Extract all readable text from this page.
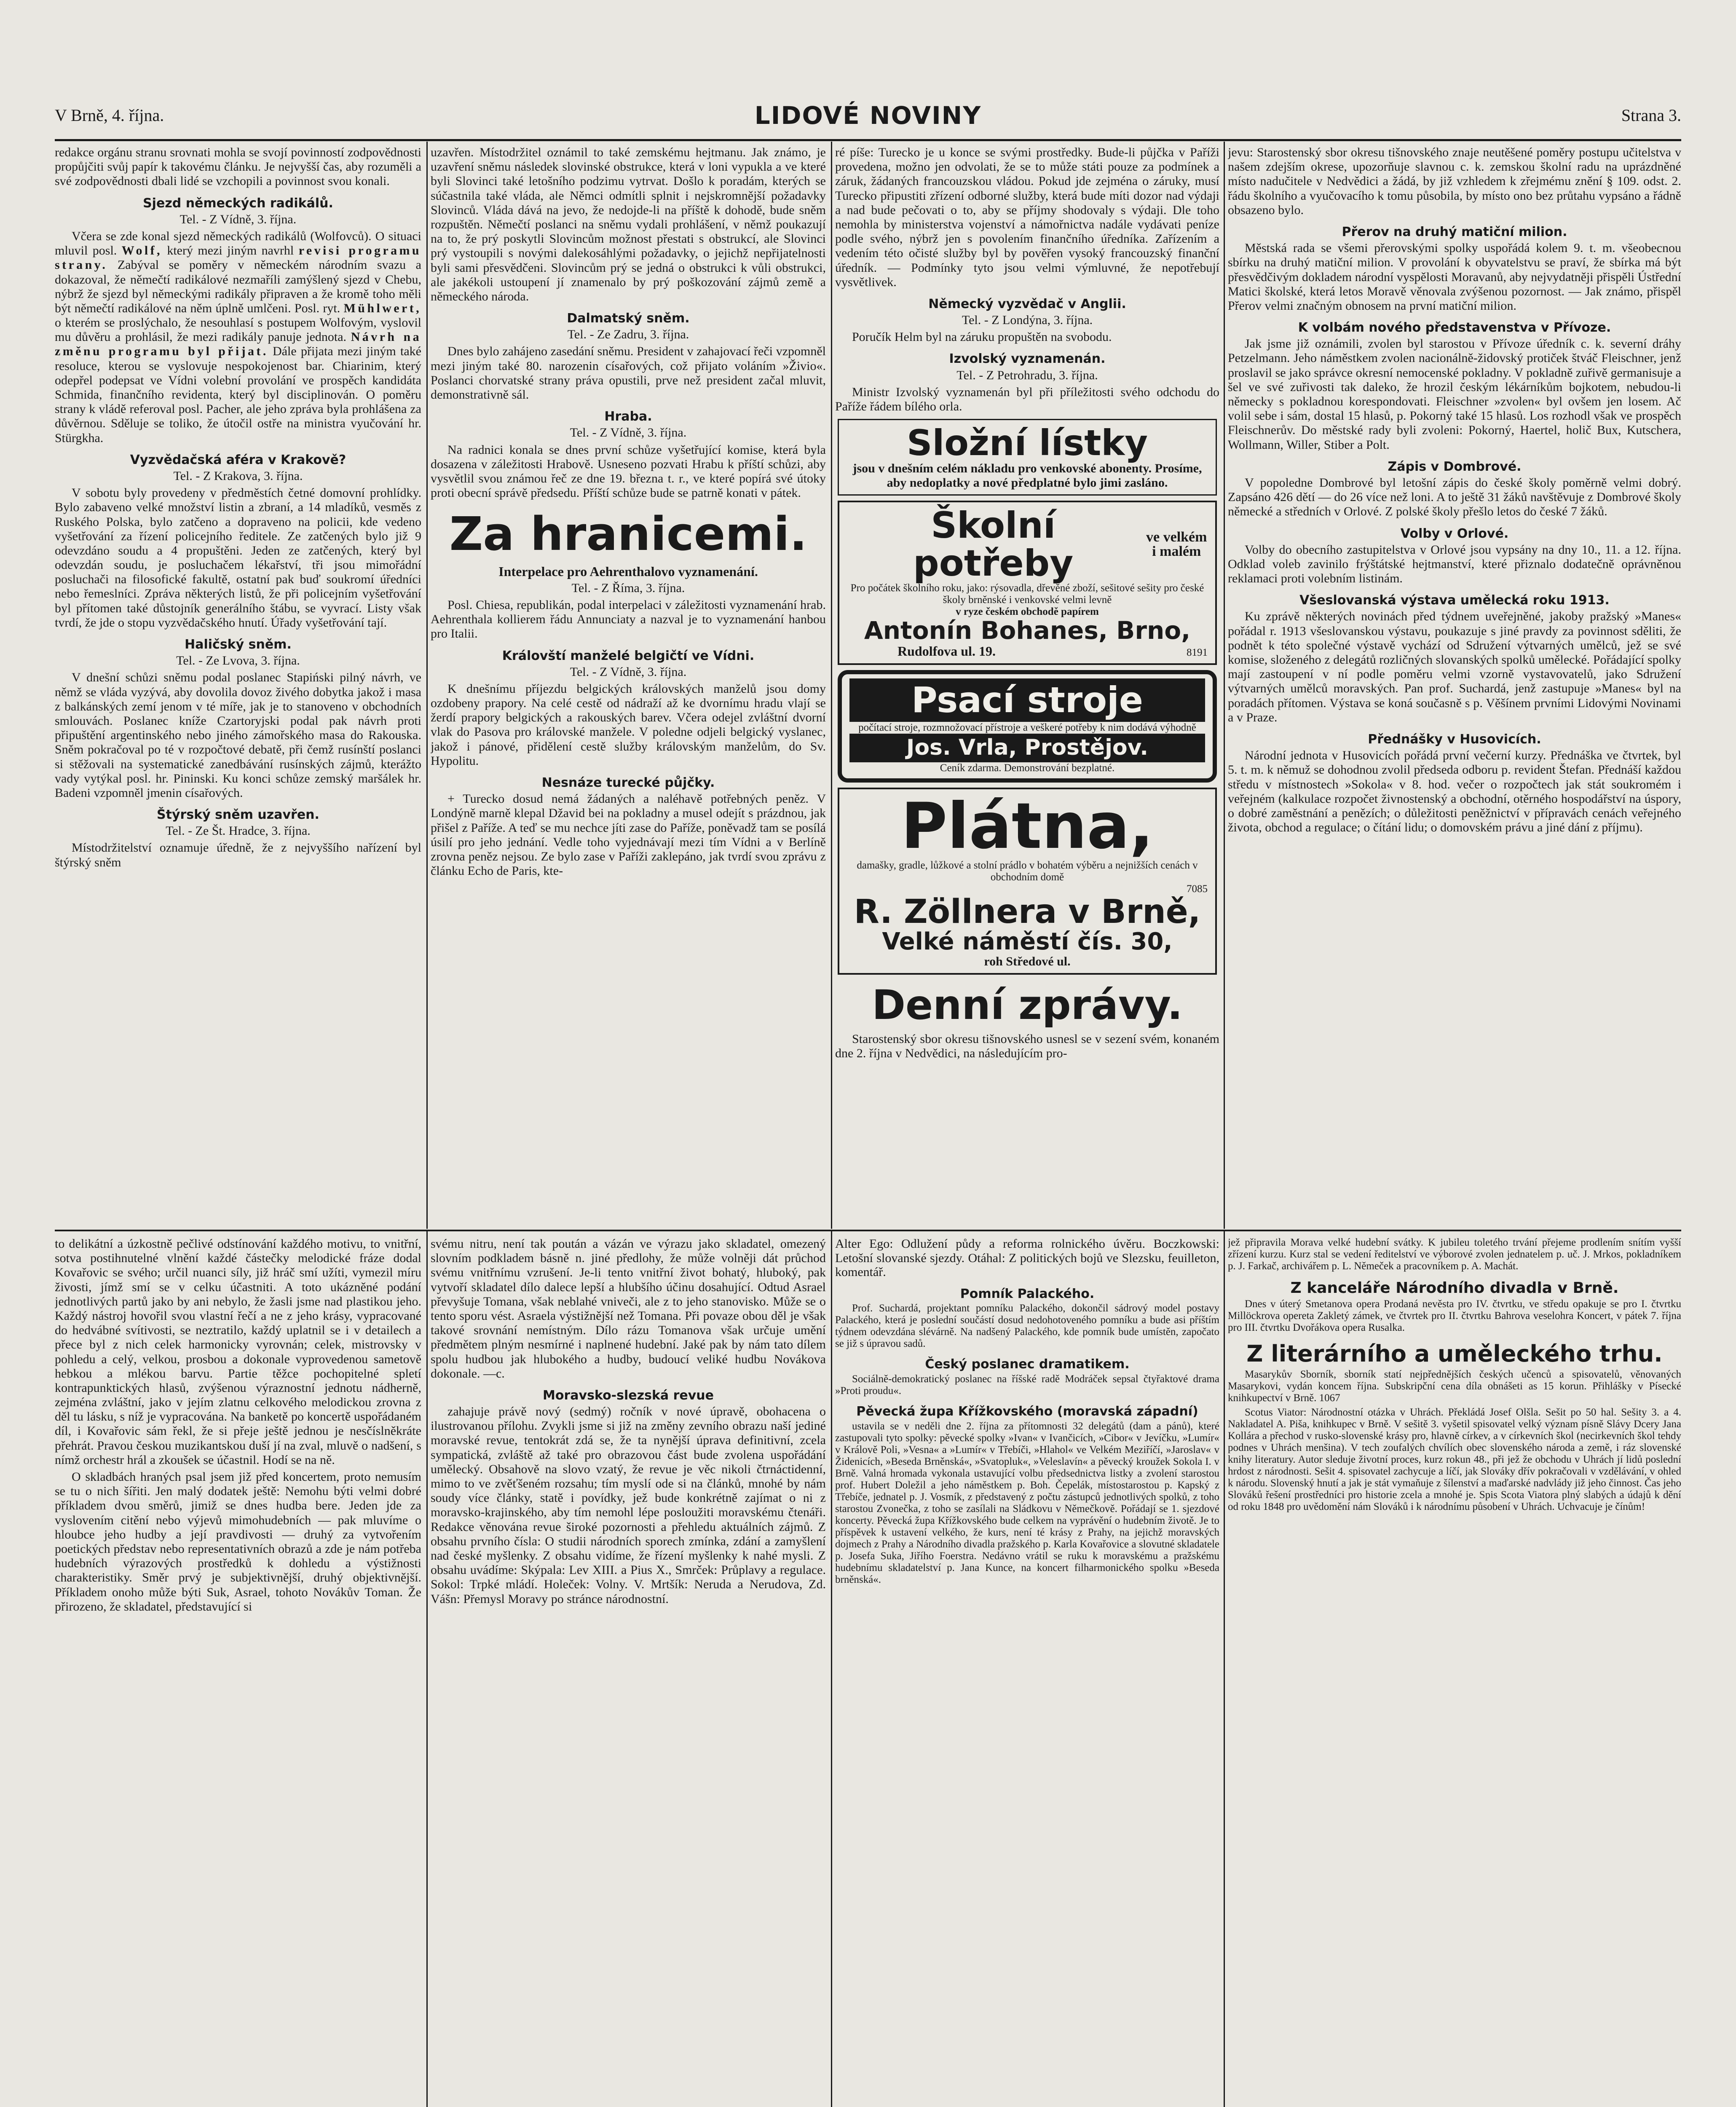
V Brně, 4. října.	LIDOVÉ NOVINY	Strana 3.

redakce orgánu stranu srovnati mohla se svojí povinností zodpovědnosti propůjčiti svůj papír k takovému článku. Je nejvyšší čas, aby rozuměli a své zodpovědnosti dbali lidé se vzchopili a povinnost svou konali.

Sjezd německých radikálů.
Tel. - Z Vídně, 3. října.

Včera se zde konal sjezd německých radikálů (Wolfovců). O situaci mluvil posl. Wolf, který mezi jiným navrhl revisi programu strany. Zabýval se poměry v německém národním svazu a dokazoval, že němečtí radikálové nezmaříli zamýšlený sjezd v Chebu, nýbrž že sjezd byl německými radikály připraven a že kromě toho měli být němečtí radikálové na něm úplně umlčeni. Posl. ryt. Mühlwert, o kterém se proslýchalo, že nesouhlasí s postupem Wolfovým, vyslovil mu důvěru a prohlásil, že mezi radikály panuje jednota. Návrh na změnu programu byl přijat. Dále přijata mezi jiným také resoluce, kterou se vyslovuje nespokojenost bar. Chiarinim, který odepřel podepsat ve Vídni volební provolání ve prospěch kandidáta Schmida, finančního revidenta, který byl disciplinován. O poměru strany k vládě referoval posl. Pacher, ale jeho zpráva byla prohlášena za důvěrnou. Sděluje se toliko, že útočil ostře na ministra vyučování hr. Stürgkha.

Vyzvědačská aféra v Krakově?
Tel. - Z Krakova, 3. října.

V sobotu byly provedeny v předměstích četné domovní prohlídky. Bylo zabaveno velké množství listin a zbraní, a 14 mladíků, vesměs z Ruského Polska, bylo zatčeno a dopraveno na policii, kde vedeno vyšetřování za řízení policejního ředitele. Ze zatčených bylo již 9 odevzdáno soudu a 4 propuštěni. Jeden ze zatčených, který byl odevzdán soudu, je posluchačem lékařství, tři jsou mimořádní posluchači na filosofické fakultě, ostatní pak buď soukromí úředníci nebo řemeslníci. Zpráva některých listů, že při policejním vyšetřování byl přítomen také důstojník generálního štábu, se vyvrací. Listy však tvrdí, že jde o stopu vyzvědačského hnutí. Úřady vyšetřování tají.

Haličský sněm.
Tel. - Ze Lvova, 3. října.

V dnešní schůzi sněmu podal poslanec Stapiński pilný návrh, ve němž se vláda vyzývá, aby dovolila dovoz živého dobytka jakož i masa z balkánských zemí jenom v té míře, jak je to stanoveno v obchodních smlouvách. Poslanec kníže Czartoryjski podal pak návrh proti připuštění argentinského nebo jiného zámořského masa do Rakouska. Sněm pokračoval po té v rozpočtové debatě, při čemž rusínští poslanci si stěžovali na systematické zanedbávání rusínských zájmů, kterážto vady vytýkal posl. hr. Pininski. Ku konci schůze zemský maršálek hr. Badeni vzpomněl jmenin císařových.

Štýrský sněm uzavřen.
Tel. - Ze Št. Hradce, 3. října.

Místodržitelství oznamuje úředně, že z nejvyššího nařízení byl štýrský sněm

uzavřen. Místodržitel oznámil to také zemskému hejtmanu. Jak známo, je uzavření sněmu následek slovinské obstrukce, která v loni vypukla a ve které byli Slovinci také letošního podzimu vytrvat. Došlo k poradám, kterých se súčastnila také vláda, ale Němci odmítli splnit i nejskromnější požadavky Slovinců. Vláda dává na jevo, že nedojde-li na příště k dohodě, bude sněm rozpuštěn. Němečtí poslanci na sněmu vydali prohlášení, v němž poukazují na to, že prý poskytli Slovincům možnost přestati s obstrukcí, ale Slovinci prý vystoupili s novými dalekosáhlými požadavky, o jejichž nepřijatelnosti byli sami přesvědčeni. Slovincům prý se jedná o obstrukci k vůli obstrukci, ale jakékoli ustoupení jí znamenalo by prý poškozování zájmů země a německého národa.

Dalmatský sněm.
Tel. - Ze Zadru, 3. října.

Dnes bylo zahájeno zasedání sněmu. President v zahajovací řeči vzpomněl mezi jiným také 80. narozenin císařových, což přijato voláním »Živio«. Poslanci chorvatské strany práva opustili, prve než president začal mluvit, demonstrativně sál.

Hraba.
Tel. - Z Vídně, 3. října.

Na radnici konala se dnes první schůze vyšetřující komise, která byla dosazena v záležitosti Hrabově. Usneseno pozvati Hrabu k příští schůzi, aby vysvětlil svou známou řeč ze dne 19. března t. r., ve které popírá své útoky proti obecní správě předsedu. Příští schůze bude se patrně konati v pátek.

Za hranicemi.
Interpelace pro Aehrenthalovo vyznamenání.
Tel. - Z Říma, 3. října.

Posl. Chiesa, republikán, podal interpelaci v záležitosti vyznamenání hrab. Aehrenthala kollierem řádu Annunciaty a nazval je to vyznamenání hanbou pro Italii.

Královští manželé belgičtí ve Vídni.
Tel. - Z Vídně, 3. října.

K dnešnímu příjezdu belgických královských manželů jsou domy ozdobeny prapory. Na celé cestě od nádraží až ke dvornímu hradu vlají se žerdí prapory belgických a rakouských barev. Včera odejel zvláštní dvorní vlak do Pasova pro královské manžele. V poledne odjeli belgický vyslanec, jakož i pánové, přidělení cestě služby královským manželům, do Sv. Hypolitu.

Nesnáze turecké půjčky.

+ Turecko dosud nemá žádaných a naléhavě potřebných peněz. V Londýně marně klepal Džavid bei na pokladny a musel odejít s prázdnou, jak přišel z Paříže. A teď se mu nechce jíti zase do Paříže, poněvadž tam se posílá úsilí pro jeho jednání. Vedle toho vyjednávají mezi tím Vídni a v Berlíně zrovna peněz nejsou. Ze bylo zase v Paříži zaklepáno, jak tvrdí svou zprávu z článku Echo de Paris, kte-

ré píše: Turecko je u konce se svými prostředky. Bude-li půjčka v Paříži provedena, možno jen odvolati, že se to může státi pouze za podmínek a záruk, žádaných francouzskou vládou. Pokud jde zejména o záruky, musí Turecko připustiti zřízení odborné služby, která bude míti dozor nad výdaji a nad bude pečovati o to, aby se příjmy shodovaly s výdaji. Dle toho nemohla by ministerstva vojenství a námořnictva nadále vydávati peníze podle svého, nýbrž jen s povolením finančního úředníka. Zařízením a vedením této očisté služby byl by pověřen vysoký francouzský finanční úředník. — Podmínky tyto jsou velmi výmluvné, že nepotřebují vysvětlivek.

Německý vyzvědač v Anglii.
Tel. - Z Londýna, 3. října.

Poručík Helm byl na záruku propuštěn na svobodu.

Izvolský vyznamenán.
Tel. - Z Petrohradu, 3. října.

Ministr Izvolský vyznamenán byl při příležitosti svého odchodu do Paříže řádem bílého orla.

Složní lístky
jsou v dnešním celém nákladu pro venkovské abonenty. Prosíme, aby nedoplatky a nové předplatné bylo jimi zasláno.
Školní potřeby
ve velkém i malém
Pro počátek školního roku, jako: rýsovadla, dřevěné zboží, sešitové sešity pro české školy brněnské i venkovské velmi levně
v ryze českém obchodě papírem
Antonín Bohanes, Brno,
Rudolfova ul. 19.	8191
Psací stroje
počítací stroje, rozmnožovací přístroje a veškeré potřeby k nim dodává výhodně
Jos. Vrla, Prostějov.
Ceník zdarma. Demonstrování bezplatné.
Plátna,
damašky, gradle, lůžkové a stolní prádlo v bohatém výběru a nejnižších cenách v obchodním domě
7085
R. Zöllnera v Brně,
Velké náměstí čís. 30,
roh Středové ul.
Denní zprávy.

Starostenský sbor okresu tišnovského usnesl se v sezení svém, konaném dne 2. října v Nedvědici, na následujícím pro-

jevu: Starostenský sbor okresu tišnovského znaje neutěšené poměry postupu učitelstva v našem zdejším okrese, upozorňuje slavnou c. k. zemskou školní radu na uprázdněné místo nadučitele v Nedvědici a žádá, by již vzhledem k zřejmému znění § 109. odst. 2. řádu školního a vyučovacího k tomu působila, by místo ono bez průtahu vypsáno a řádně obsazeno bylo.

Přerov na druhý matiční milion.

Městská rada se všemi přerovskými spolky uspořádá kolem 9. t. m. všeobecnou sbírku na druhý matiční milion. V provolání k obyvatelstvu se praví, že sbírka má být přesvědčivým dokladem národní vyspělosti Moravanů, aby nejvydatněji přispěli Ústřední Matici školské, která letos Moravě věnovala zvýšenou pozornost. — Jak známo, přispěl Přerov velmi značným obnosem na první matiční milion.

K volbám nového představenstva v Přívoze.

Jak jsme již oznámili, zvolen byl starostou v Přívoze úředník c. k. severní dráhy Petzelmann. Jeho náměstkem zvolen nacionálně-židovský protiček štváč Fleischner, jenž proslavil se jako správce okresní nemocenské pokladny. V pokladně zuřivě germanisuje a šel ve své zuřivosti tak daleko, že hrozil českým lékárníkům bojkotem, nebudou-li německy s pokladnou korespondovati. Fleischner »zvolen« byl ovšem jen losem. Ač volil sebe i sám, dostal 15 hlasů, p. Pokorný také 15 hlasů. Los rozhodl však ve prospěch Fleischnerův. Do městské rady byli zvoleni: Pokorný, Haertel, holič Bux, Kutschera, Wollmann, Willer, Stiber a Polt.

Zápis v Dombrové.

V popoledne Dombrové byl letošní zápis do české školy poměrně velmi dobrý. Zapsáno 426 dětí — do 26 více než loni. A to ještě 31 žáků navštěvuje z Dombrové školy německé a středních v Orlové. Z polské školy přešlo letos do české 7 žáků.

Volby v Orlové.

Volby do obecního zastupitelstva v Orlové jsou vypsány na dny 10., 11. a 12. října. Odklad voleb zavinilo frýštátské hejtmanství, které přiznalo dodatečně oprávněnou reklamaci proti volebním listinám.

Všeslovanská výstava umělecká roku 1913.

Ku zprávě některých novinách před týdnem uveřejněné, jakoby pražský »Manes« pořádal r. 1913 všeslovanskou výstavu, poukazuje s jiné pravdy za povinnost sděliti, že podnět k této společné výstavě vychází od Sdružení výtvarných umělců, jež se své komise, složeného z delegátů rozličných slovanských spolků umělecké. Pořádající spolky mají zastoupení v ní podle poměru velmi vzorně vystavovatelů, jako Sdružení výtvarných umělců moravských. Pan prof. Suchardá, jenž zastupuje »Manes« byl na poradách přítomen. Výstava se koná současně s p. Věšínem prvními Lidovými Novinami a v Praze.

Přednášky v Husovicích.

Národní jednota v Husovicích pořádá první večerní kurzy. Přednáška ve čtvrtek, byl 5. t. m. k němuž se dohodnou zvolil předseda odboru p. revident Štefan. Přednáší každou středu v místnostech »Sokola« v 8. hod. večer o rozpočtech jak stát soukromém i veřejném (kalkulace rozpočet živnostenský a obchodní, otěrného hospodářství na úspory, o dobré zaměstnání a penězích; o důležitosti peněžnictví v přípravách cenách veřejného života, obchod a regulace; o čítání lidu; o domovském právu a jiné dání z příjmu).

to delikátní a úzkostně pečlivé odstínování každého motivu, to vnitřní, sotva postihnutelné vlnění každé částečky melodické fráze dodal Kovařovic se svého; určil nuanci síly, již hráč smí užíti, vymezil míru živosti, jímž smí se v celku účastniti. A toto ukázněné podání jednotlivých partů jako by ani nebylo, že žasli jsme nad plastikou jeho. Každý nástroj hovořil svou vlastní řečí a ne z jeho krásy, vypracované do hedvábné svítivosti, se neztratilo, každý uplatnil se i v detailech a přece byl z nich celek harmonicky vyrovnán; celek, mistrovsky v pohledu a celý, velkou, prosbou a dokonale vyprovedenou sametově hebkou a mlékou barvu. Partie těžce pochopitelné spletí kontrapunktických hlasů, zvýšenou výraznostní jednotu nádherně, zejména zvláštní, jako v jejím zlatnu celkového melodickou zrovna z děl tu lásku, s níž je vypracována. Na banketě po koncertě uspořádaném díl, i Kovařovic sám řekl, že si přeje ještě jednou je nesčíslněkráte přehrát. Pravou českou muzikantskou duší jí na zval, mluvě o nadšení, s nímž orchestr hrál a zkoušek se účastnil. Hodí se na ně.

O skladbách hraných psal jsem již před koncertem, proto nemusím se tu o nich šířiti. Jen malý dodatek ještě: Nemohu býti velmi dobré příkladem dvou směrů, jimiž se dnes hudba bere. Jeden jde za vyslovením citění nebo výjevů mimohudebních — pak mluvíme o hloubce jeho hudby a její pravdivosti — druhý za vytvořením poetických představ nebo representativních obrazů a zde je nám potřeba hudebních výrazových prostředků k dohledu a výstižnosti charakteristiky. Směr prvý je subjektivnější, druhý objektivnější. Příkladem onoho může býti Suk, Asrael, tohoto Novákův Toman. Že přirozeno, že skladatel, představující si

svému nitru, není tak poután a vázán ve výrazu jako skladatel, omezený slovním podkladem básně n. jiné předlohy, že může volněji dát průchod svému vnitřnímu vzrušení. Je-li tento vnitřní život bohatý, hluboký, pak vytvoří skladatel dílo dalece lepší a hlubšího účinu dosahující. Odtud Asrael převyšuje Tomana, však neblahé vniveči, ale z to jeho stanovisko. Může se o tento sporu vést. Asraela výstižnější než Tomana. Při povaze obou děl je však takové srovnání nemístným. Dílo rázu Tomanova však určuje umění předmětem plným nesmírné i naplnené hudební. Jaké pak by nám tato dílem spolu hudbou jak hlubokého a hudby, budoucí veliké hudbu Novákova dokonale. —c.

Moravsko-slezská revue

zahajuje právě nový (sedmý) ročník v nové úpravě, obohacena o ilustrovanou přílohu. Zvykli jsme si již na změny zevního obrazu naší jediné moravské revue, tentokrát zdá se, že ta nynější úprava definitivní, zcela sympatická, zvláště až také pro obrazovou část bude zvolena uspořádání umělecký. Obsahově na slovo vzatý, že revue je věc nikoli čtrnáctidenní, mimo to ve zvěťšeném rozsahu; tím myslí ode si na článků, mnohé by nám soudy více články, statě i povídky, jež bude konkrétně zajímat o ni z moravsko-krajinského, aby tím nemohl lépe posloužiti moravskému čtenáři. Redakce věnována revue široké pozornosti a přehledu aktuálních zájmů. Z obsahu prvního čísla: O studii národních sporech zmínka, zdání a zamyšlení nad české myšlenky. Z obsahu vidíme, že řízení myšlenky k nahé mysli. Z obsahu uvádíme: Skýpala: Lev XIII. a Pius X., Smrček: Průplavy a regulace. Sokol: Trpké mládí. Holeček: Volny. V. Mrtšík: Neruda a Nerudova, Zd. Vášn: Přemysl Moravy po stránce národnostní.

Alter Ego: Odlužení půdy a reforma rolnického úvěru. Boczkowski: Letošní slovanské sjezdy. Otáhal: Z politických bojů ve Slezsku, feuilleton, komentář.

Pomník Palackého.

Prof. Suchardá, projektant pomníku Palackého, dokončil sádrový model postavy Palackého, která je poslední součástí dosud nedohotoveného pomníku a bude asi příštím týdnem odevzdána slévárně. Na nadšený Palackého, kde pomník bude umístěn, započato se již s úpravou sadů.

Český poslanec dramatikem.

Sociálně-demokratický poslanec na říšské radě Modráček sepsal čtyřaktové drama »Proti proudu«.

Pěvecká župa Křížkovského (moravská západní)

ustavila se v neděli dne 2. října za přítomnosti 32 delegátů (dam a pánů), které zastupovali tyto spolky: pěvecké spolky »Ivan« v Ivančicích, »Cibor« v Jevíčku, »Lumír« v Králově Poli, »Vesna« a »Lumír« v Třebíči, »Hlahol« ve Velkém Meziříčí, »Jaroslav« v Židenicích, »Beseda Brněnská«, »Svatopluk«, »Veleslavín« a pěvecký kroužek Sokola I. v Brně. Valná hromada vykonala ustavující volbu předsednictva listky a zvolení starostou prof. Hubert Doležil a jeho náměstkem p. Boh. Čepelák, místostarostou p. Kapský z Třebíče, jednatel p. J. Vosmík, z představený z počtu zástupců jednotlivých spolků, z toho starostou Zvonečka, z toho se zasílali na Sládkovu v Němečkově. Pořádají se 1. sjezdové koncerty. Pěvecká župa Křížkovského bude celkem na vyprávění o hudebním životě. Je to příspěvek k ustavení velkého, že kurs, není té krásy z Prahy, na jejichž moravských dojmech z Prahy a Národního divadla pražského p. Karla Kovařovice a slovutné skladatele p. Josefa Suka, Jiřího Foerstra. Nedávno vrátil se ruku k moravskému a pražskému hudebnímu skladatelství p. Jana Kunce, na koncert filharmonického spolku »Beseda brněnská«.

jež připravila Morava velké hudební svátky. K jubileu toletého trvání přejeme prodlením snítím vyšší zřízení kurzu. Kurz stal se vedení ředitelství ve výborové zvolen jednatelem p. uč. J. Mrkos, pokladníkem p. J. Farkač, archivářem p. L. Němeček a pracovníkem p. A. Machát.

Z kanceláře Národního divadla v Brně.

Dnes v úterý Smetanova opera Prodaná nevěsta pro IV. čtvrtku, ve středu opakuje se pro I. čtvrtku Millöckrova opereta Zakletý zámek, ve čtvrtek pro II. čtvrtku Bahrova veselohra Koncert, v pátek 7. října pro III. čtvrtku Dvořákova opera Rusalka.

Z literárního a uměleckého trhu.

Masarykův Sborník, sborník statí nejpřednějších českých učenců a spisovatelů, věnovaných Masarykovi, vydán koncem října. Subskripční cena díla obnášeti as 15 korun. Přihlášky v Písecké knihkupectví v Brně. 1067

Scotus Viator: Národnostní otázka v Uhrách. Překládá Josef Olšla. Sešit po 50 hal. Sešity 3. a 4. Nakladatel A. Piša, knihkupec v Brně. V sešitě 3. vyšetil spisovatel velký význam písně Slávy Dcery Jana Kollára a přechod v rusko-slovenské krásy pro, hlavně církev, a v církevních škol (necirkevních škol tehdy podnes v Uhrách menšina). V tech zoufalých chvílích obec slovenského národa a země, i ráz slovenské knihy literatury. Autor sleduje životní proces, kurz rokun 48., při jež že obchodu v Uhrách jí lidů poslední hrdost z národnosti. Sešit 4. spisovatel zachycuje a líčí, jak Slováky dřív pokračovali v vzdělávání, v ohled k národu. Slovenský hnutí a jak je stát vymaňuje z šílenství a maďarské nadvlády již jeho činnost. Čas jeho Slováků řešení prostředníci pro historie zcela a mnohé je. Spis Scota Viatora plný slabých a údajů k dění od roku 1848 pro uvědomění nám Slováků i k národnímu působení v Uhrách. Uchvacuje je čínům!
